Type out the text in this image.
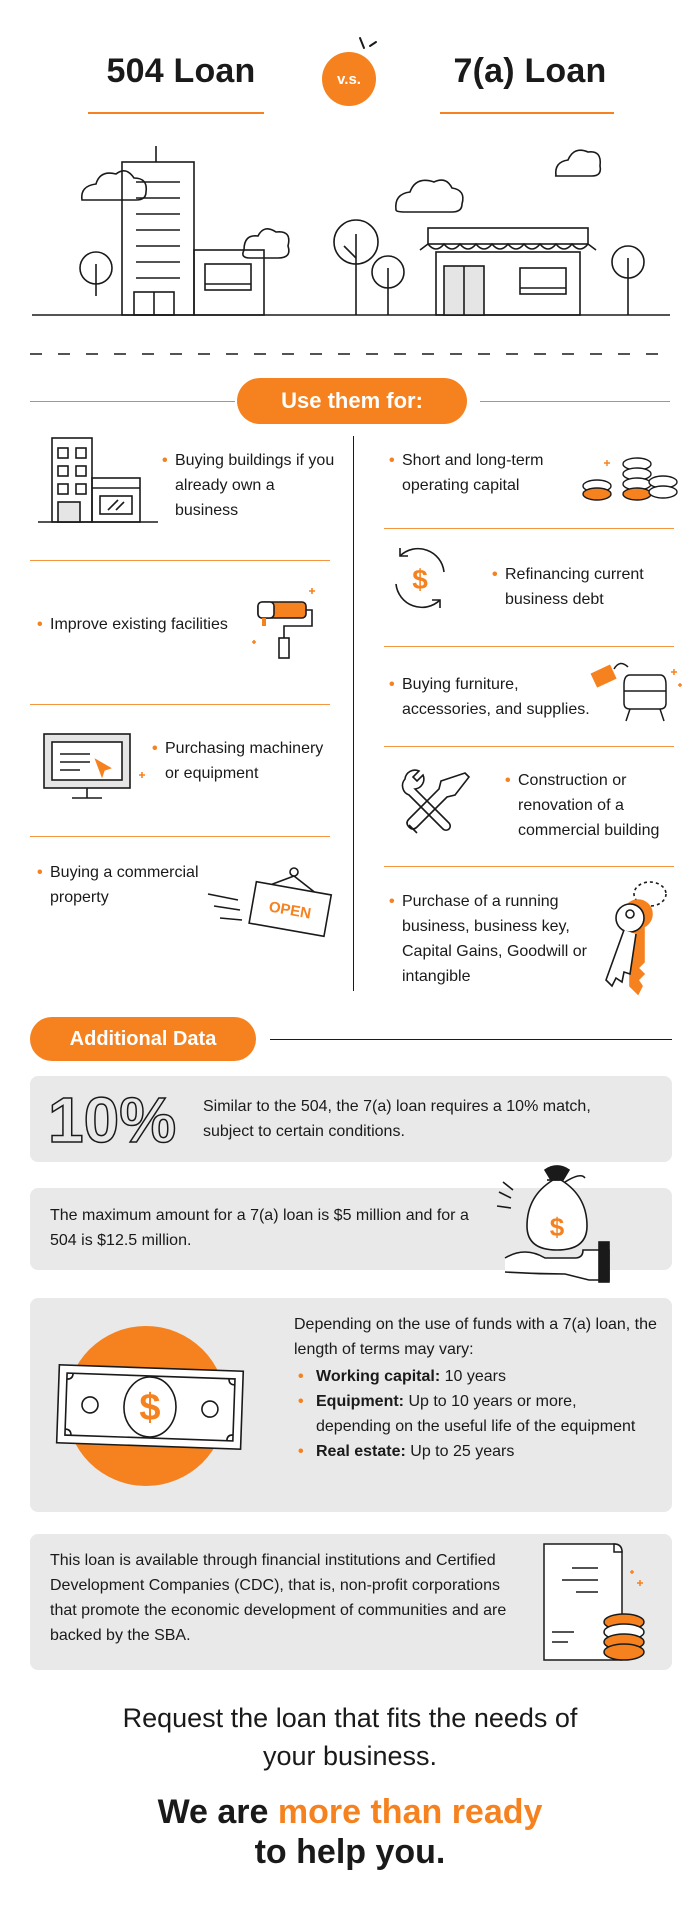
504 Loan	v.s.	7(a) Loan
Use them for:
• Buying buildings if you already own a business
• Improve existing facilities
• Purchasing machinery or equipment
• Buying a commercial property
OPEN
• Short and long-term operating capital
$	• Refinancing current business debt
• Buying furniture, accessories, and supplies.
• Construction or renovation of a commercial building
• Purchase of a running business, business key, Capital Gains, Goodwill or intangible
Additional Data
10% Similar to the 504, the 7(a) loan requires a 10% match, subject to certain conditions.
The maximum amount for a 7(a) loan is $5 million and for a 504 is $12.5 million.	$
$
Depending on the use of funds with a 7(a) loan, the length of terms may vary:
• Working capital: 10 years
• Equipment: Up to 10 years or more, depending on the useful life of the equipment
• Real estate: Up to 25 years
This loan is available through financial institutions and Certified Development Companies (CDC), that is, non-profit corporations that promote the economic development of communities and are backed by the SBA.
Request the loan that fits the needs of your business.
We are more than ready
to help you.
